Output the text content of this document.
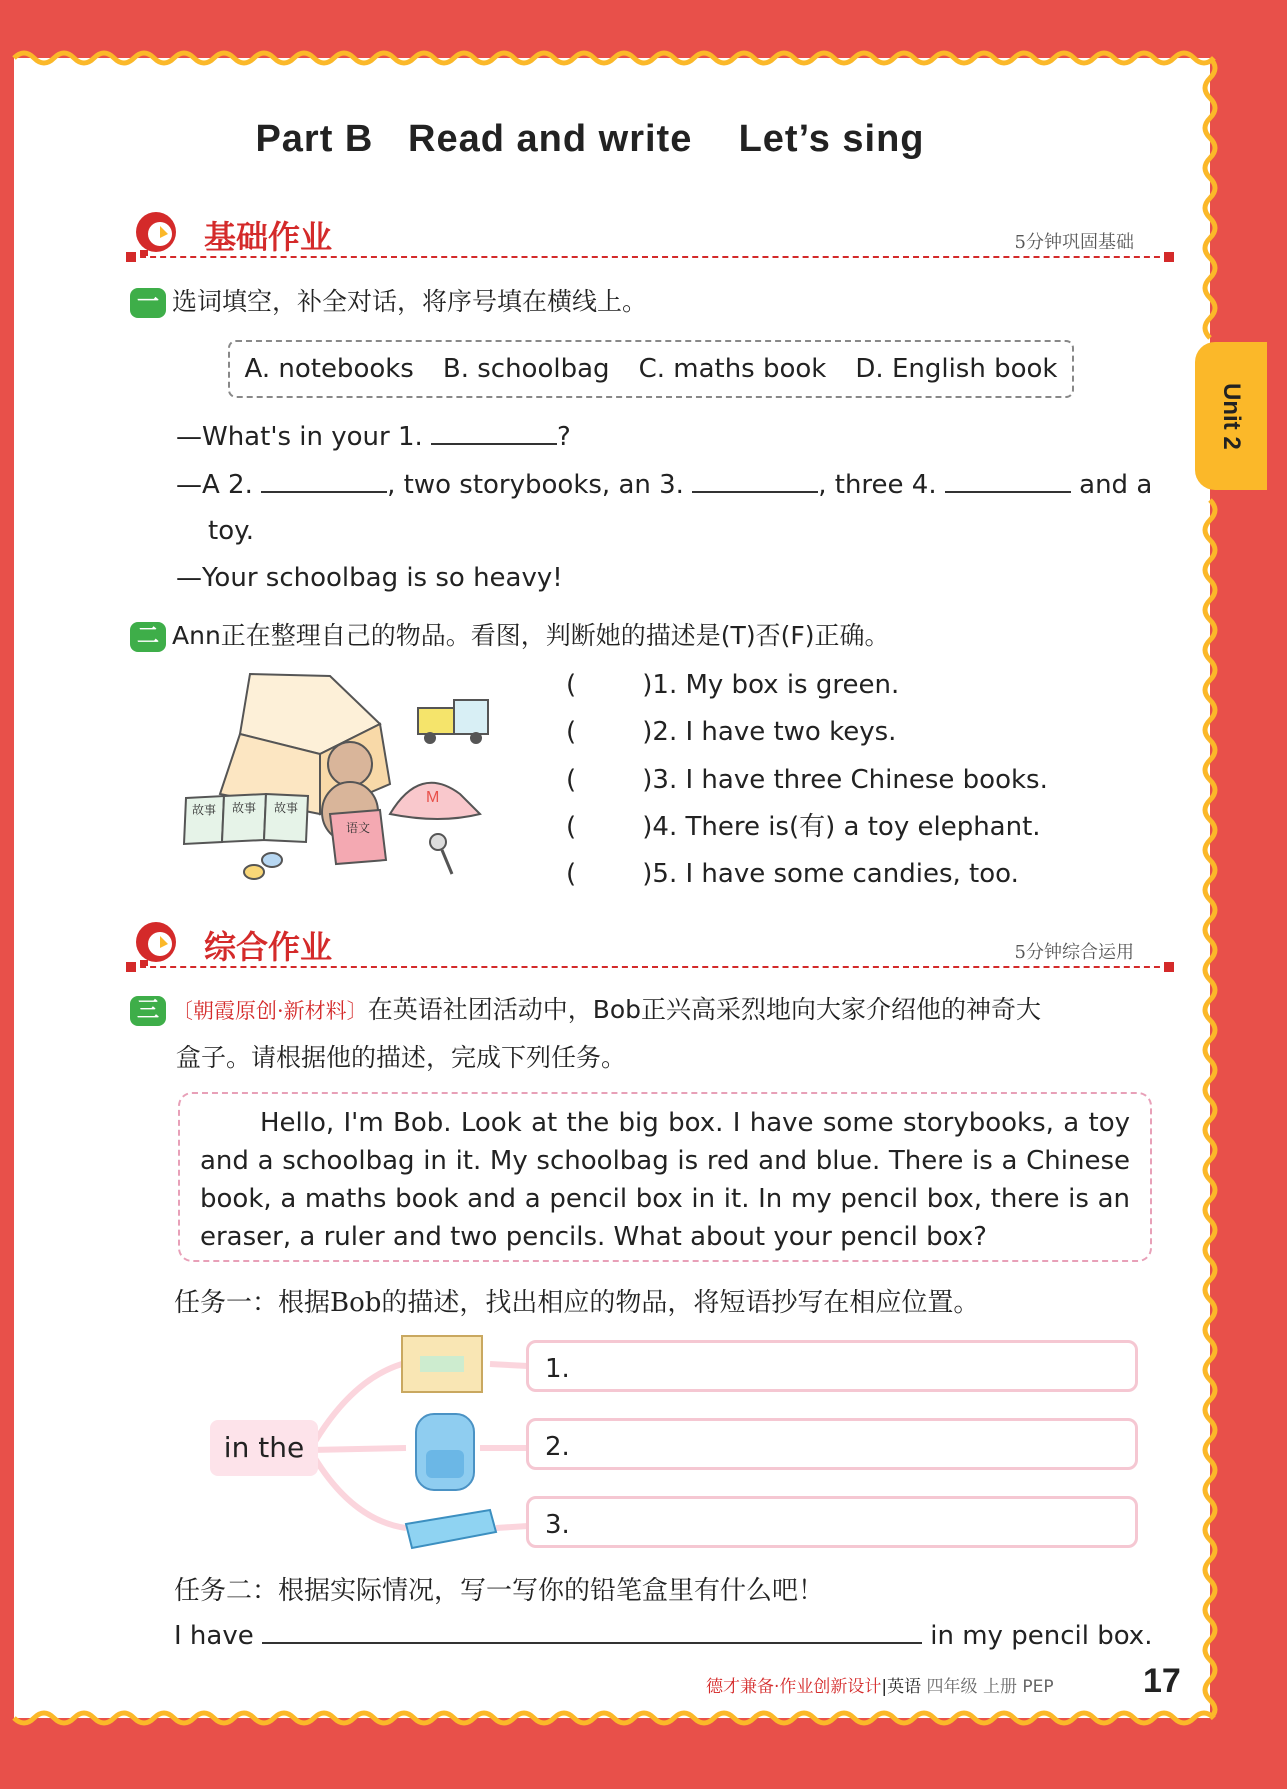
Unit 2
Part B   Read and write    Let’s sing
基础作业	5分钟巩固基础
一 选词填空，补全对话，将序号填在横线上。
A. notebooks B. schoolbag C. maths book D. English book
—What's in your 1.	?
—A 2.	, two storybooks, an 3.	, three 4.	and a
toy.
—Your schoolbag is so heavy!
二 Ann正在整理自己的物品。看图，判断她的描述是(T)否(F)正确。
M
故事 故事 故事
语文
(        )1. My box is green.
(        )2. I have two keys.
(        )3. I have three Chinese books.
(        )4. There is(有) a toy elephant.
(        )5. I have some candies, too.
综合作业	5分钟综合运用
三 〔朝霞原创·新材料〕在英语社团活动中，Bob正兴高采烈地向大家介绍他的神奇大
盒子。请根据他的描述，完成下列任务。

Hello, I'm Bob. Look at the big box. I have some storybooks, a toy and a schoolbag in it. My schoolbag is red and blue. There is a Chinese book, a maths book and a pencil box in it. In my pencil box, there is an eraser, a ruler and two pencils. What about your pencil box?

任务一：根据Bob的描述，找出相应的物品，将短语抄写在相应位置。
in the
1.
2.
3.
任务二：根据实际情况，写一写你的铅笔盒里有什么吧！
I have	in my pencil box.
德才兼备·作业创新设计|英语 四年级 上册 PEP	17
